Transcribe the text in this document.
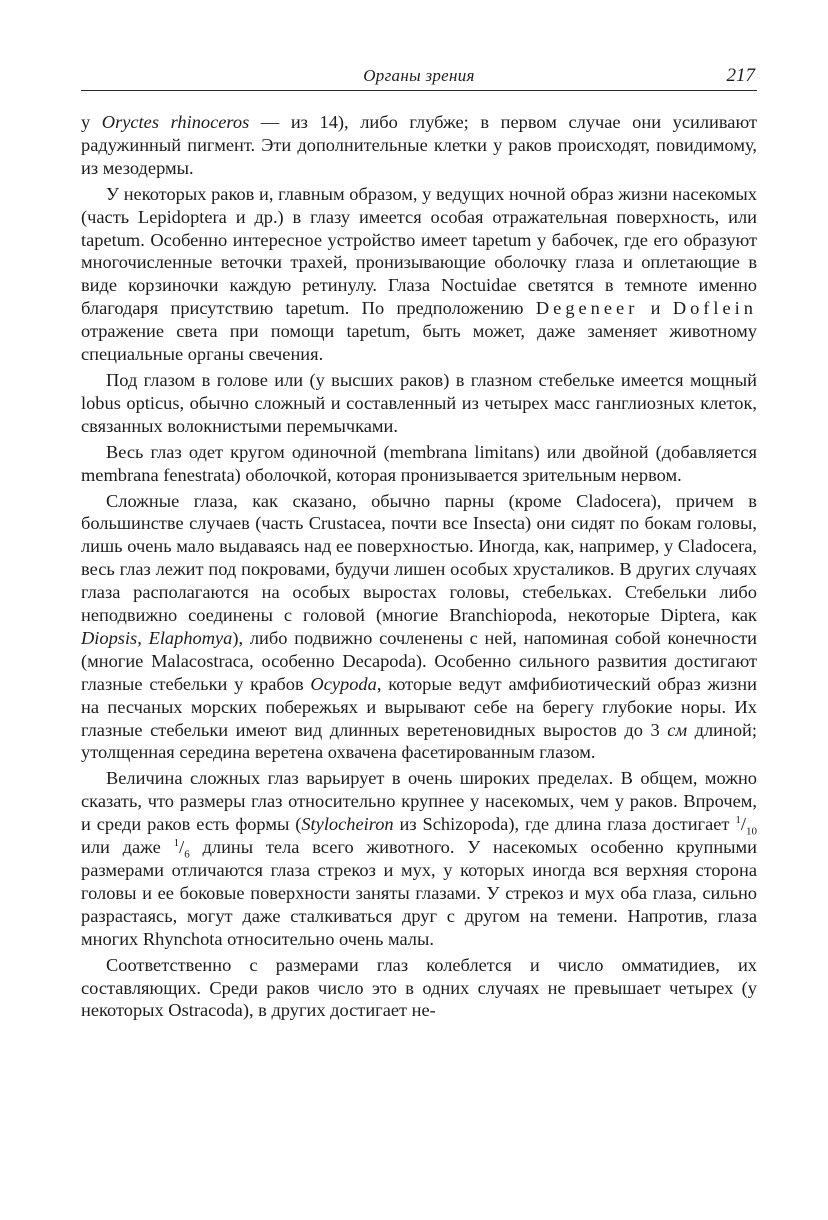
Органы зрения	217

у Oryctes rhinoceros — из 14), либо глубже; в первом случае они усиливают радужинный пигмент. Эти дополнительные клетки у раков происходят, повидимому, из мезодермы.

У некоторых раков и, главным образом, у ведущих ночной образ жизни насекомых (часть Lepidoptera и др.) в глазу имеется особая отражательная поверхность, или tapetum. Особенно интересное устройство имеет tapetum у бабочек, где его образуют многочисленные веточки трахей, пронизывающие оболочку глаза и оплетающие в виде корзиночки каждую ретинулу. Глаза Noctuidae светятся в темноте именно благодаря присутствию tapetum. По предположению Degeneer и Doflein отражение света при помощи tapetum, быть может, даже заменяет животному специальные органы свечения.

Под глазом в голове или (у высших раков) в глазном стебельке имеется мощный lobus opticus, обычно сложный и составленный из четырех масс ганглиозных клеток, связанных волокнистыми перемычками.

Весь глаз одет кругом одиночной (membrana limitans) или двойной (добавляется membrana fenestrata) оболочкой, которая пронизывается зрительным нервом.

Сложные глаза, как сказано, обычно парны (кроме Cladocera), причем в большинстве случаев (часть Crustacea, почти все Insecta) они сидят по бокам головы, лишь очень мало выдаваясь над ее поверхностью. Иногда, как, например, у Cladocera, весь глаз лежит под покровами, будучи лишен особых хрусталиков. В других случаях глаза располагаются на особых выростах головы, стебельках. Стебельки либо неподвижно соединены с головой (многие Branchiopoda, некоторые Diptera, как Diopsis, Elaphomya), либо подвижно сочленены с ней, напоминая собой конечности (многие Malacostraca, особенно Decapoda). Особенно сильного развития достигают глазные стебельки у крабов Ocypoda, которые ведут амфибиотический образ жизни на песчаных морских побережьях и вырывают себе на берегу глубокие норы. Их глазные стебельки имеют вид длинных веретеновидных выростов до 3 см длиной; утолщенная середина веретена охвачена фасетированным глазом.

Величина сложных глаз варьирует в очень широких пределах. В общем, можно сказать, что размеры глаз относительно крупнее у насекомых, чем у раков. Впрочем, и среди раков есть формы (Stylocheiron из Schizopoda), где длина глаза достигает $^1/_{10}$ или даже $^1/_6$ длины тела всего животного. У насекомых особенно крупными размерами отличаются глаза стрекоз и мух, у которых иногда вся верхняя сторона головы и ее боковые поверхности заняты глазами. У стрекоз и мух оба глаза, сильно разрастаясь, могут даже сталкиваться друг с другом на темени. Напротив, глаза многих Rhynchota относительно очень малы.

Соответственно с размерами глаз колеблется и число омматидиев, их составляющих. Среди раков число это в одних случаях не превышает четырех (у некоторых Ostracoda), в других достигает не-
